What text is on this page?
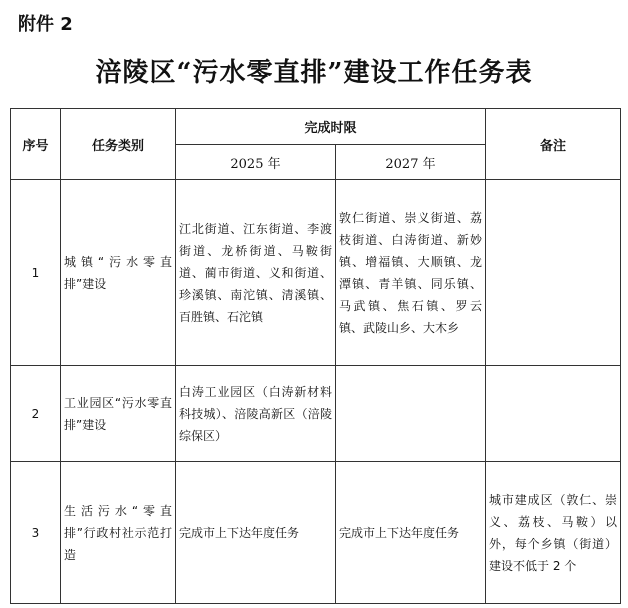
附件 2
涪陵区“污水零直排”建设工作任务表
序号	任务类别	完成时限		备注
		2025 年	2027 年	
1	城镇“污水零直排”建设	江北街道、江东街道、李渡街道、龙桥街道、马鞍街道、蔺市街道、义和街道、珍溪镇、南沱镇、清溪镇、百胜镇、石沱镇	敦仁街道、崇义街道、荔枝街道、白涛街道、新妙镇、增福镇、大顺镇、龙潭镇、青羊镇、同乐镇、马武镇、焦石镇、罗云镇、武陵山乡、大木乡	
2	工业园区“污水零直排”建设	白涛工业园区（白涛新材料科技城）、涪陵高新区（涪陵综保区）		
3	生活污水“零直排”行政村社示范打造	完成市上下达年度任务	完成市上下达年度任务	城市建成区（敦仁、崇义、荔枝、马鞍）以外，每个乡镇（街道）建设不低于 2 个
